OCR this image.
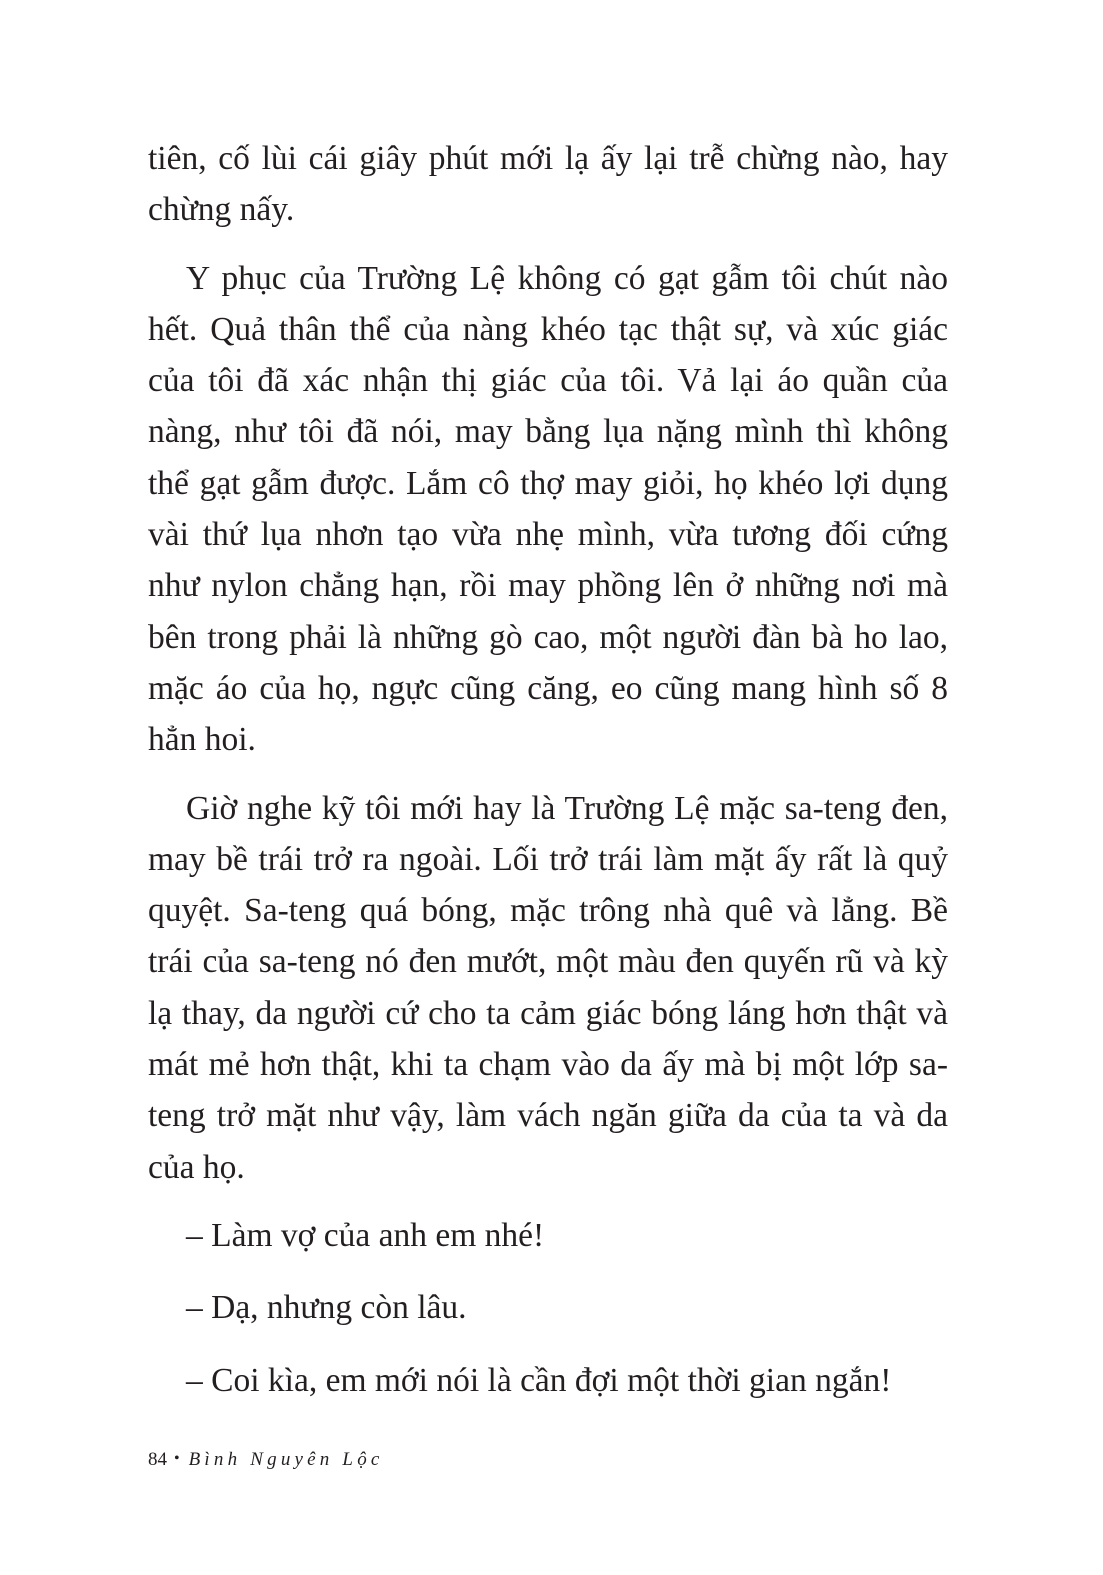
tiên, cố lùi cái giây phút mới lạ ấy lại trễ chừng nào, hay chừng nấy.

Y phục của Trường Lệ không có gạt gẫm tôi chút nào hết. Quả thân thể của nàng khéo tạc thật sự, và xúc giác của tôi đã xác nhận thị giác của tôi. Vả lại áo quần của nàng, như tôi đã nói, may bằng lụa nặng mình thì không thể gạt gẫm được. Lắm cô thợ may giỏi, họ khéo lợi dụng vài thứ lụa nhơn tạo vừa nhẹ mình, vừa tương đối cứng như nylon chẳng hạn, rồi may phồng lên ở những nơi mà bên trong phải là những gò cao, một người đàn bà ho lao, mặc áo của họ, ngực cũng căng, eo cũng mang hình số 8 hẳn hoi.

Giờ nghe kỹ tôi mới hay là Trường Lệ mặc sa-teng đen, may bề trái trở ra ngoài. Lối trở trái làm mặt ấy rất là quỷ quyệt. Sa-teng quá bóng, mặc trông nhà quê và lẳng. Bề trái của sa-teng nó đen mướt, một màu đen quyến rũ và kỳ lạ thay, da người cứ cho ta cảm giác bóng láng hơn thật và mát mẻ hơn thật, khi ta chạm vào da ấy mà bị một lớp sa-teng trở mặt như vậy, làm vách ngăn giữa da của ta và da của họ.

– Làm vợ của anh em nhé!

– Dạ, nhưng còn lâu.

– Coi kìa, em mới nói là cần đợi một thời gian ngắn!

84 • Bình Nguyên Lộc
